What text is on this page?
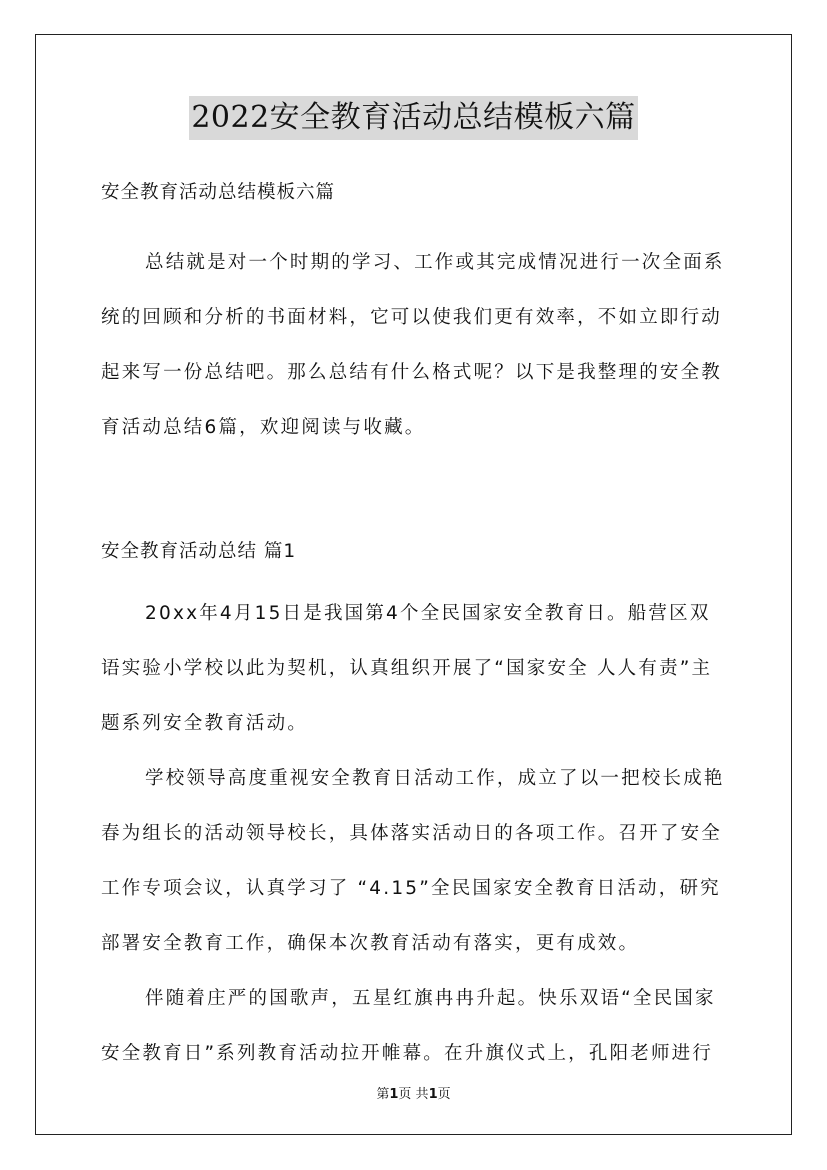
2022安全教育活动总结模板六篇
安全教育活动总结模板六篇
总结就是对一个时期的学习、工作或其完成情况进行一次全面系
统的回顾和分析的书面材料，它可以使我们更有效率，不如立即行动
起来写一份总结吧。那么总结有什么格式呢？以下是我整理的安全教
育活动总结6篇，欢迎阅读与收藏。
安全教育活动总结 篇1
20xx年4月15日是我国第4个全民国家安全教育日。船营区双
语实验小学校以此为契机，认真组织开展了“国家安全 人人有责”主
题系列安全教育活动。
学校领导高度重视安全教育日活动工作，成立了以一把校长成艳
春为组长的活动领导校长，具体落实活动日的各项工作。召开了安全
工作专项会议，认真学习了 “4.15”全民国家安全教育日活动，研究
部署安全教育工作，确保本次教育活动有落实，更有成效。
伴随着庄严的国歌声，五星红旗冉冉升起。快乐双语“全民国家
安全教育日”系列教育活动拉开帷幕。在升旗仪式上，孔阳老师进行
第1页 共1页
